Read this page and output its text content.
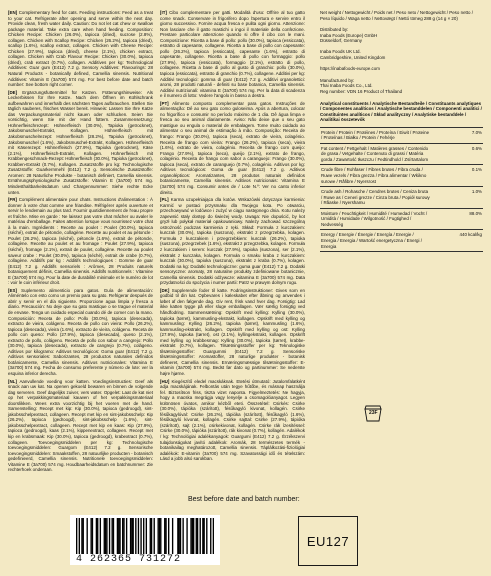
[EN] Complementary feed for cats. Feeding instructions: Feed as a treat to your cat. Refrigerate after opening and serve within the next day. Provide clean, fresh water daily. Caution: Do not let cat chew or swallow package material. Take extra care when hand feeding. Composition: Chicken Recipe: Chicken (26.0%), tapioca (dried), sucrose (2.8%), collagen. Chicken with Scallop Recipe: Chicken (26.2%), tapioca (dried), scallop (1.6%), scallop extract, collagen. Chicken with Cheese Recipe: Chicken (27.9%), tapioca (dried), cheese (2.1%), chicken extract, collagen. Chicken with Crab Flavour Recipe: Chicken (30.0%), tapioca (dried), crab extract (0.7%), collagen. Additives per kg: Technological Additives: Guar gum (E412) 7.2 g. Sensory Additives: Flavourings: 28 Natural Products - botanically defined, Camellia sinensis. Nutritional Additives: Vitamin E (3a700) 574 mg. For best before date and batch number: See bottom right corner.

[DE] Ergänzungsfuttermittel für Katzen. Fütterungshinweise: Als Leckerbissen für Ihre Katze. Nach dem Öffnen im Kühlschrank aufbewahren und innerhalb des nächsten Tages aufbrauchen. Stellen Sie täglich sauberes, frisches Wasser bereit. Hinweis: Lassen Sie Ihre Katze das Verpackungsmaterial nicht kauen oder schlucken. Seien Sie vorsichtig, wenn Sie mit der Hand füttern. Zusammensetzung: Hühnerfleischrezept: Hühnerfleisch (30.0%), Tapioka (getrocknet), Jakobsmuschel-Extrakt, Kollagen. Hühnerfleisch mit Jakobsmuschelrezept: Hühnerfleisch (28.2%), Tapioka (getrocknet), Jakobsmuschel (1.6%), Jakobsmuschel-Extrakt, Kollagen. Hühnerfleisch mit Käserezept: Hühnerfleisch (27.9%), Tapioka (getrocknet), Käse (2.1%), Hühnerfleisch-Extrakt, Kollagen. Hühnerfleisch mit Krabbengeschmack-Rezept: Hühnerfleisch (30.0%), Tapioka (getrocknet), Krabben-Extrakt (0.7%), Kollagen. Zusatzstoffe pro kg: Technologische Zusatzstoffe: Guarkernmehl (E412) 7.2 g. Sensorische Zusatzstoffe: Aromen: 28 Naturliche Produkte - botanisch definiert, Camellia sinensis. Ernährungsphysiologische Zusatzstoffe: Vitamin E (3a700) 574 mg. Mindesthaltbarkeitsdatum und Chargennummer: Siehe rechte Ecke unten.

[FR] Complément alimentaire pour chats. Instructions d'alimentation : À donner à votre chat comme une friandise. Réfrigérer après ouverture et servir le lendemain au plus tard. Fournir quotidiennement de l'eau propre et fraîche. Mise en garde : Ne laissez pas votre chat mâcher ou avaler le matériau d'emballage. Faites attention lorsque vous nourrissez votre chat à la main. Ingrédients : Recette au poulet : Poulet (30.0%), tapioca (séché), extrait de pétoncle, collagène. Recette au poulet et au pétoncle : Poulet (26.2%), tapioca (séché), pétoncle (1.6%), extrait de pétoncle, collagène. Recette au poulet et au fromage : Poulet (27.9%), tapioca (séché), fromage (2.1%), extrait de poulet, collagène. Recette au poulet saveur crabe : Poulet (30.0%), tapioca (séché), extrait de crabe (0.7%), collagène. Additifs par kg : Additifs technologiques : Gomme de guar (E412) 7.2 g. Additifs sensoriels : Arômes, 28 Produits naturels botaniquement définis, Camellia sinensis. Additifs nutritionnels : Vitamine E (3a700) 574 mg. Pour la date de durabilité minimale et le numéro de lot : voir le coin inférieur droit.

[ES] Suplemento alimenticio para gatos. Guía de alimentación: Aliméntelo con esto como un premio para su gato. Refrigerar después de abrir y servir en el día siguiente. Proporcione agua limpia y fresca a diario. Precaución: No deje que su gato mastique o se trague el material de envase. Tenga un cuidado especial cuando dé de comer con la mano. Composición: Receta de pollo: Pollo (30.0%), tapioca (desecada), extracto de vieira, colágeno. Receta de pollo con vieira: Pollo (26.2%), tapioca (desecada), vieira (1.6%), extracto de vieira, colágeno. Receta de pollo con queso: Pollo (27.9%), tapioca (desecada), queso (2.1%), extracto de pollo, colágeno. Receta de pollo con sabor a cangrejo: Pollo (30.0%), tapioca (desecada), extracto de cangrejo (0.7%), colágeno. Aditivos por kilogramo: Aditivos tecnológicos: Goma guar (E412) 7.2 g. Aditivos sensoriales: Saborizantes, 28 productos naturales definidos botánicamente, Camellia sinensis. Aditivos nutricionales: Vitamina E (3a700) 574 mg. Fecha de consumo preferente y número de lote: ver la esquina inferior derecha.

[NL] Aanvullende voeding voor katten. Voedingsinstructies: Geef als snack aan uw kat. Na openen gekoeld bewaren en binnen de volgende dag serveren. Geef dagelijks zuiver, vers water. Opgelet: Laat de kat niet op het verpakkingsmateriaal kauwen of het verpakkingsmateriaal doorslikken. Wees extra voorzichtig bij het voeren met de hand. Samenstelling: Recept met kip: Kip (30.0%), tapioca (gedroogd), sint-jakobsschelpextract, collageen. Recept met kip en sint-jakobsschelp: Kip (26.2%), tapioca (gedroogd), sint-jakobsschelp (1.6%), sint-jakobsschelpextract, collageen. Recept met kip en kaas: Kip (27.9%), tapioca (gedroogd), kaas (2.1%), kippenextract, collageen. Recept met kip en krabsmaak: Kip (30.0%), tapioca (gedroogd), krabextract (0.7%), collageen. Toevoegingsmiddelen per kg: Technologische toevoegingsmiddelen: Guargom (E412) 7.2 g. Sensorische toevoegingsmiddelen: Smaakstoffen, 28 natuurlijke producten - botanisch gedefinieerd, Camellia sinensis. Nutritionele toevoegingsmiddelen: Vitamine E (3a700) 574 mg. Houdbaarheidsdatum en batchnummer: Zie rechterhoek onderaan.

[IT] Cibo complementare per gatti. Modalità d'uso: Offrire al tuo gatto come snack. Conservare in frigorifero dopo l'apertura e servire entro il giorno successivo. Fornire acqua fresca e pulita ogni giorno. Attenzione: Non lasciare che il gatto mastichi o ingoi il materiale della confezione. Prestare particolare attenzione quando si offre il cibo con le mani. Composizione: Ricetta a base di pollo: pollo (30.0%), tapioca (essiccata), estratto di capesante, collagene. Ricetta a base di pollo con capesante: pollo (26.2%), tapioca (essiccata), capesante (1.6%), estratto di capesante, collagene. Ricetta a base di pollo con formaggio: pollo (27.9%), tapioca (essiccata), formaggio (2.1%), estratto di pollo, collagene. Ricetta a base di pollo al gusto di granchio: pollo (30.0%), tapioca (essiccata), estratto di granchio (0.7%), collagene. Additivi per kg: Additivi tecnologici: gomma di guar (E412) 7.2 g. Additivi organolettici: aromi, 28 prodotti naturali - definiti su base botanica, Camellia sinensis. Additivi nutrizionali: vitamina E (3a700) 574 mg. Per la data di scadenza e il numero di lotto: Vedere l'angolo in basso a destra.

[PT] Alimento composto complementar para gatos. Instruções de alimentação: Dê ao seu gato como guloseima. Após a abertura, colocar no frigorífico e consumir no período máximo de 1 dia. Dê água limpa e fresca ao seu animal diariamente. Aviso: Não deixe que o seu gato mastigue ou engula o material de embalagem. Tome muito cuidado ao alimentar o seu animal de estimação à mão. Composição: Receita de frango: Frango (30.0%), tapioca (seca), extrato de vieira, colagénio. Receita de frango com vieira: Frango (26.2%), tapioca (seca), vieira (1.6%), extrato de vieira, colagénio. Receita de frango com queijo: Frango (27.9%), tapioca (seca), queijo (2.1%), extrato de frango, colagénio. Receita de frango com sabor a caranguejo: Frango (30.0%), tapioca (seca), extrato de caranguejo (0.7%), colagénio. Aditivos por kg: Aditivos tecnológicos: Goma de guar (E412) 7.2 g. Aditivos organolépticos: Aromatizantes, 28 produtos naturais definidos botanicamente, Camellia sinensis. Aditivos nutricionais: Vitamina E (3a700) 574 mg. Consumir antes de / Lote N.º: Ver no canto inferior direito.

[PL] Karma uzupełniająca dla kotów. Wskazówki dotyczące karmienia: Karmić w postaci przysmaku dla Twojego kota. Po otwarciu, przechowywać w lodówce i zużyć w ciągu następnego dnia. Kotu należy zapewnić stały dostęp do świeżej wody. Uwaga: Nie dopuścić, by kot gryzł lub połykał materiał opakowaniowy. Należy zachować szczególną ostrożność podczas karmienia z ręki. Skład: Formuła z kurczakiem: kurczak (30.0%), tapioka (suszona), ekstrakt z przegrzebka, kolagen. Formuła z kurczakiem i przegrzebkiem: kurczak (26.2%), tapioka (suszona), przegrzebek (1.6%), ekstrakt z przegrzebka, kolagen. Formuła z kurczakiem i serem: kurczak (27.9%), tapioka (suszona), ser (2.1%), ekstrakt z kurczaka, kolagen. Formuła o smaku kraba z kurczakiem: kurczak (30.0%), tapioka (suszona), ekstrakt z kraba (0.7%), kolagen. Dodatki na kg: Dodatki technologiczne: guma guar (E412) 7.2 g. Dodatki sensoryczne: aromaty, 28 naturalne produkty zdefiniowane botanicznie, Camellia sinensis. Dodatki odżywcze: witamina E (3a700) 574 mg. Data przydatności do spożycia i numer partii: Patrz w prawym dolnym rogu.

[DK] Supplerende foder til katte. Fodringsinstruktioner: Gives som en godbid til din kat. Opbevares i køleskabet efter åbning og anvendes i løbet af den følgende dag. Giv rent, frisk vand hver dag. Forsigtig: Lad ikke katten tygge på eller sluge emballagen. Vær særlig forsigtig ved håndfodring. Sammensætning: Opskrift med kylling: Kylling (30.0%), tapioka (tørret), kammusling-ekstrakt, kollagen. Opskrift med kylling og kammusling: Kylling (26.2%), tapioka (tørret), kammusling (1.6%), kammusling-ekstrakt, kollagen. Opskrift med kylling og ost: Kylling (27.9%), tapioka (tørret), ost (2.1%), kyllingekstrakt, kollagen. Opskrift med kylling og krabbesmag: Kylling (30.0%), tapioka (tørret), krabbe-ekstrakt (0.7%), kollagen. Tilsætningsstoffer per kg: Teknologiske tilsætningsstoffer: Guargummi (E412) 7.2 g. Sensoriske tilsætningsstoffer: Aromastoffer, 28 naturlige produkter - botanisk defineret, Camellia sinensis. Ernæringsmæssige tilsætningsstoffer: E-vitamin (3a700) 574 mg. Bedst før dato og partinummer: Se nederste højre hjørne.

[HU] Kiegészítő eledel macskáknak. Etetési útmutató: Jutalomfalatként adja macskájának. Felbontás után tegye hűtőbe, és másnap használja fel. Biztosítson friss, tiszta vizet naponta. Figyelmeztetés: Ne hagyja, hogy a macska megrágja vagy lenyelje a csomagolóanyagot. Legyen különösen óvatos, amikor kézből eteti. Összetétel: Csirkés: Csirke (30.0%), tápióka (szárított), fésűkagyló kivonat, kollagén. Csirke fésűkagylóval: Csirke (26.2%), tápióka (szárított), fésűkagyló (1.6%), fésűkagyló kivonat, kollagén. Csirke sajttal: Csirke (27.9%), tápióka (szárított), sajt (2.1%), csirkekivonat, kollagén. Csirke rák ízesítéssel: Csirke (30.0%), tápióka (szárított), rák kivonat (0.7%), kollagén. Adalékok / kg: Technológiai adalékanyagok: Guargumi (E412) 7.2 g. Érzékszervi tulajdonságokat javító adalékok: Aromák, 28 természetes termék - botanikailag meghatározott, Camellia sinensis. Táplálkozási-fiziológiai adalékok: E-vitamin (3a700) 574 mg. Szavatossági idő és tételszám: Lásd a jobb alsó sarokban.

Net weight / Nettogewicht / Poids net / Peso neto / Nettogewicht / Peso netto / Peso líquido / Waga netto / Nettovægt / Nettó tömeg 288 g (14 g × 20)
Distributed by:
Inaba Foods (Europe) GmbH
Düsseldorf, Germany

Inaba Foods UK Ltd.
Cambridgeshire, United Kingdom
https://inabafoods-europe.com
Manufactured by:
Thai Inaba Foods Co., Ltd.
Reg number: VDN 16 Product of Thailand
Analytical constituents / Analytische Bestandteile / Constituants analytiques / Componentes analíticos / Analytische bestanddelen / Componenti analitici / Constituintes analíticos / Skład analityczny / Analytiske bestanddele / Analitikai összetevők
Protein / Protein / Protéines / Proteína / Eiwit / Proteine / Proteínas / Białko / Protein / Fehérje	7.0%
Fat content / Fettgehalt / Matières grasses / Contenido de grasa / Vetgehalte / Contenuto di grassi / Matéria gorda / Zawartość tłuszczu / Fedtindhold / Zsírtartalom	0.6%
Crude fibre / Rohfaser / Fibres brutes / Fibra cruda / Ruwe vezels / Fibra grezza / Fibra alimentar / Włókno surowe / Råfibre / Nyersrost	0.1%
Crude ash / Rohasche / Cendres brutes / Ceniza bruta / Ruwe as / Ceneri grezze / Cinza bruta / Popiół surowy / Råaske / Nyershamu	1.0%
Moisture / Feuchtigkeit / Humidité / Humedad / Vocht / Umidità / Humidade / Wilgotność / Fugtighed / Nedvesség	88.0%
Energy / Energie / Énergie / Energía / Energie / Energia / Energia / Wartość energetyczna / Energi / Energia	440 kcal/kg
23F
Best before date and batch number:
4 262365 731272
EU127
